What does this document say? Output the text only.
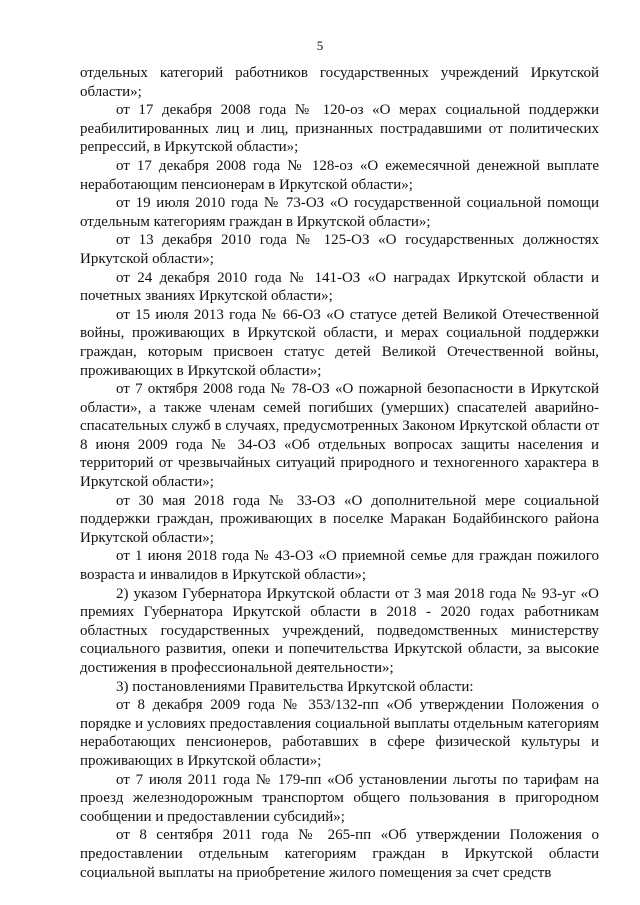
5

отдельных категорий работников государственных учреждений Иркутской области»;

от 17 декабря 2008 года № 120-оз «О мерах социальной поддержки реабилитированных лиц и лиц, признанных пострадавшими от политических репрессий, в Иркутской области»;

от 17 декабря 2008 года № 128-оз «О ежемесячной денежной выплате неработающим пенсионерам в Иркутской области»;

от 19 июля 2010 года № 73-ОЗ «О государственной социальной помощи отдельным категориям граждан в Иркутской области»;

от 13 декабря 2010 года № 125-ОЗ «О государственных должностях Иркутской области»;

от 24 декабря 2010 года № 141-ОЗ «О наградах Иркутской области и почетных званиях Иркутской области»;

от 15 июля 2013 года № 66-ОЗ «О статусе детей Великой Отечественной войны, проживающих в Иркутской области, и мерах социальной поддержки граждан, которым присвоен статус детей Великой Отечественной войны, проживающих в Иркутской области»;

от 7 октября 2008 года № 78-ОЗ «О пожарной безопасности в Иркутской области», а также членам семей погибших (умерших) спасателей аварийно-спасательных служб в случаях, предусмотренных Законом Иркутской области от 8 июня 2009 года № 34-ОЗ «Об отдельных вопросах защиты населения и территорий от чрезвычайных ситуаций природного и техногенного характера в Иркутской области»;

от 30 мая 2018 года № 33-ОЗ «О дополнительной мере социальной поддержки граждан, проживающих в поселке Маракан Бодайбинского района Иркутской области»;

от 1 июня 2018 года № 43-ОЗ «О приемной семье для граждан пожилого возраста и инвалидов в Иркутской области»;

2) указом Губернатора Иркутской области от 3 мая 2018 года № 93-уг «О премиях Губернатора Иркутской области в 2018 - 2020 годах работникам областных государственных учреждений, подведомственных министерству социального развития, опеки и попечительства Иркутской области, за высокие достижения в профессиональной деятельности»;

3) постановлениями Правительства Иркутской области:

от 8 декабря 2009 года № 353/132-пп «Об утверждении Положения о порядке и условиях предоставления социальной выплаты отдельным категориям неработающих пенсионеров, работавших в сфере физической культуры и проживающих в Иркутской области»;

от 7 июля 2011 года № 179-пп «Об установлении льготы по тарифам на проезд железнодорожным транспортом общего пользования в пригородном сообщении и предоставлении субсидий»;

от 8 сентября 2011 года № 265-пп «Об утверждении Положения о предоставлении отдельным категориям граждан в Иркутской области социальной выплаты на приобретение жилого помещения за счет средств
